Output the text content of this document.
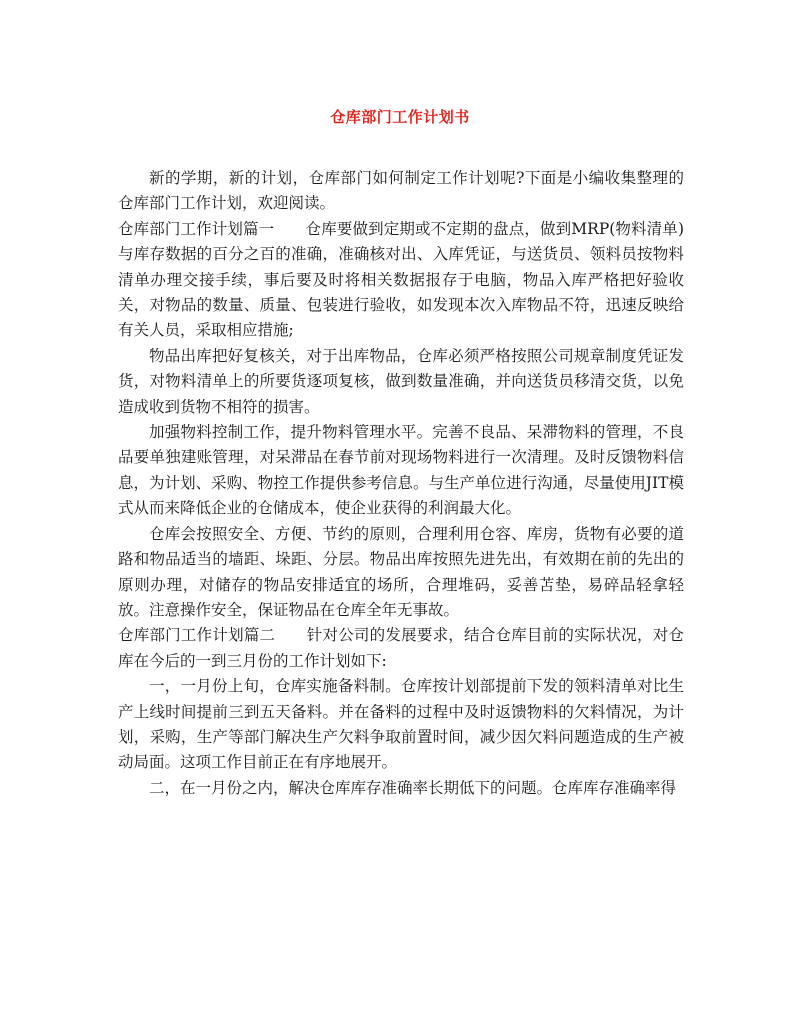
仓库部门工作计划书

新的学期，新的计划，仓库部门如何制定工作计划呢?下面是小编收集整理的仓库部门工作计划，欢迎阅读。

仓库部门工作计划篇一　　仓库要做到定期或不定期的盘点，做到MRP(物料清单)与库存数据的百分之百的准确，准确核对出、入库凭证，与送货员、领料员按物料清单办理交接手续，事后要及时将相关数据报存于电脑，物品入库严格把好验收关，对物品的数量、质量、包装进行验收，如发现本次入库物品不符，迅速反映给有关人员，采取相应措施;

物品出库把好复核关，对于出库物品，仓库必须严格按照公司规章制度凭证发货，对物料清单上的所要货逐项复核，做到数量准确，并向送货员移清交货，以免造成收到货物不相符的损害。

加强物料控制工作，提升物料管理水平。完善不良品、呆滞物料的管理，不良品要单独建账管理，对呆滞品在春节前对现场物料进行一次清理。及时反馈物料信息，为计划、采购、物控工作提供参考信息。与生产单位进行沟通，尽量使用JIT模式从而来降低企业的仓储成本，使企业获得的利润最大化。

仓库会按照安全、方便、节约的原则，合理利用仓容、库房，货物有必要的道路和物品适当的墙距、垛距、分层。物品出库按照先进先出，有效期在前的先出的原则办理，对储存的物品安排适宜的场所，合理堆码，妥善苫垫，易碎品轻拿轻放。注意操作安全，保证物品在仓库全年无事故。

仓库部门工作计划篇二　　针对公司的发展要求，结合仓库目前的实际状况，对仓库在今后的一到三月份的工作计划如下:

一，一月份上旬，仓库实施备料制。仓库按计划部提前下发的领料清单对比生产上线时间提前三到五天备料。并在备料的过程中及时返馈物料的欠料情况，为计划，采购，生产等部门解决生产欠料争取前置时间，减少因欠料问题造成的生产被动局面。这项工作目前正在有序地展开。

二，在一月份之内，解决仓库库存准确率长期低下的问题。仓库库存准确率得
